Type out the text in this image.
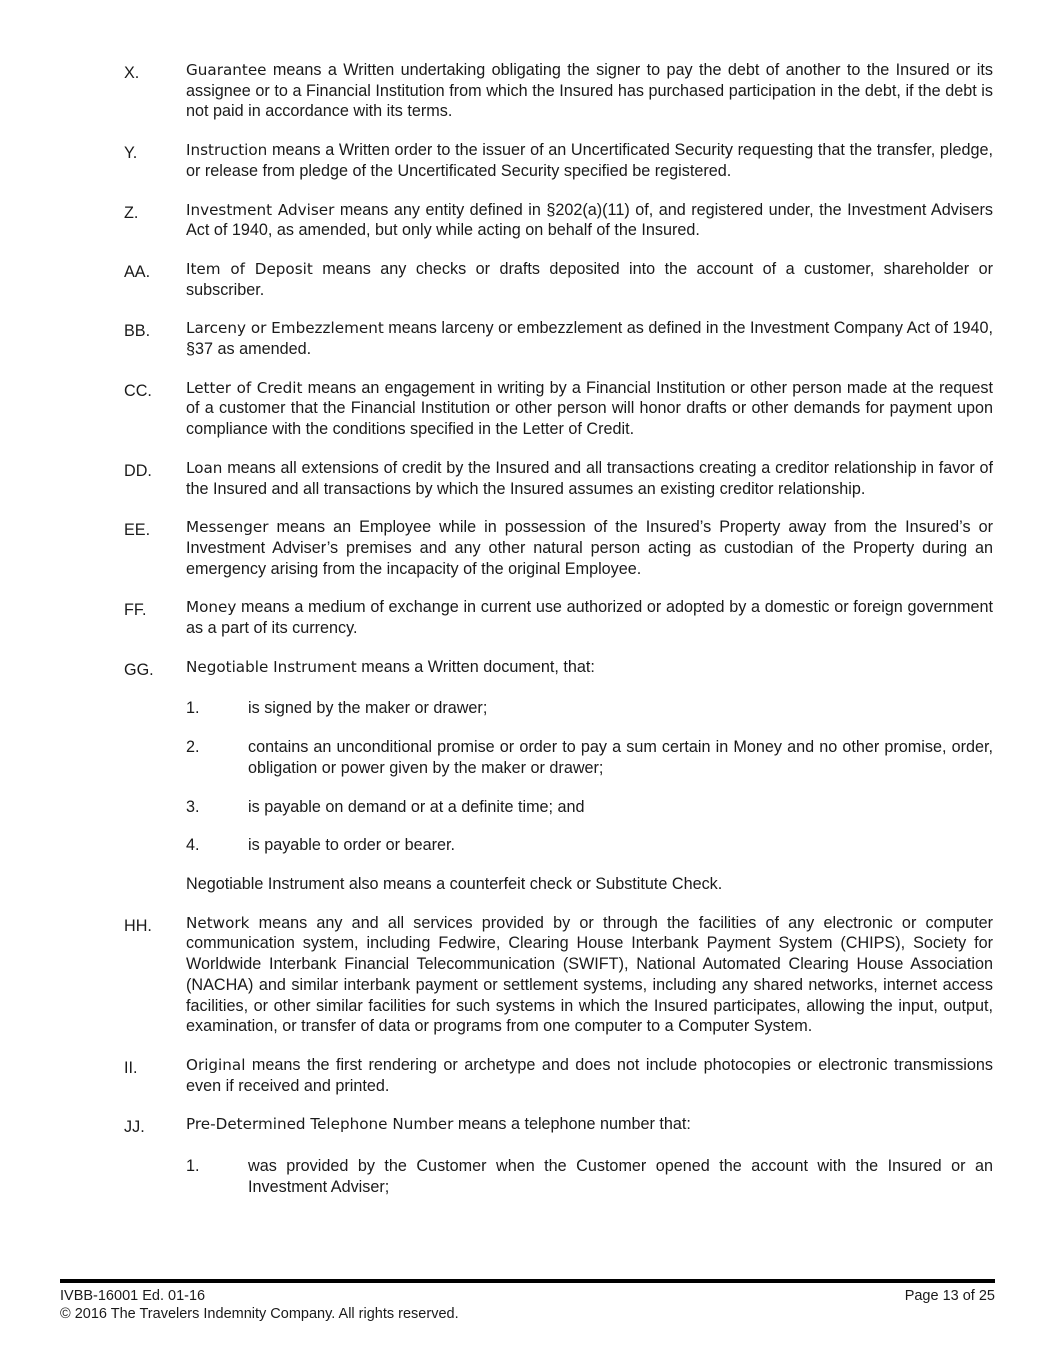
X.	Guarantee means a Written undertaking obligating the signer to pay the debt of another to the Insured or its assignee or to a Financial Institution from which the Insured has purchased participation in the debt, if the debt is not paid in accordance with its terms.
Y.	Instruction means a Written order to the issuer of an Uncertificated Security requesting that the transfer, pledge, or release from pledge of the Uncertificated Security specified be registered.
Z.	Investment Adviser means any entity defined in §202(a)(11) of, and registered under, the Investment Advisers Act of 1940, as amended, but only while acting on behalf of the Insured.
AA.	Item of Deposit means any checks or drafts deposited into the account of a customer, shareholder or subscriber.
BB.	Larceny or Embezzlement means larceny or embezzlement as defined in the Investment Company Act of 1940, §37 as amended.
CC.	Letter of Credit means an engagement in writing by a Financial Institution or other person made at the request of a customer that the Financial Institution or other person will honor drafts or other demands for payment upon compliance with the conditions specified in the Letter of Credit.
DD.	Loan means all extensions of credit by the Insured and all transactions creating a creditor relationship in favor of the Insured and all transactions by which the Insured assumes an existing creditor relationship.
EE.	Messenger means an Employee while in possession of the Insured’s Property away from the Insured’s or Investment Adviser’s premises and any other natural person acting as custodian of the Property during an emergency arising from the incapacity of the original Employee.
FF.	Money means a medium of exchange in current use authorized or adopted by a domestic or foreign government as a part of its currency.
GG.	Negotiable Instrument means a Written document, that:
1.	is signed by the maker or drawer;
2.	contains an unconditional promise or order to pay a sum certain in Money and no other promise, order, obligation or power given by the maker or drawer;
3.	is payable on demand or at a definite time; and
4.	is payable to order or bearer.
Negotiable Instrument also means a counterfeit check or Substitute Check.
HH.	Network means any and all services provided by or through the facilities of any electronic or computer communication system, including Fedwire, Clearing House Interbank Payment System (CHIPS), Society for Worldwide Interbank Financial Telecommunication (SWIFT), National Automated Clearing House Association (NACHA) and similar interbank payment or settlement systems, including any shared networks, internet access facilities, or other similar facilities for such systems in which the Insured participates, allowing the input, output, examination, or transfer of data or programs from one computer to a Computer System.
II.	Original means the first rendering or archetype and does not include photocopies or electronic transmissions even if received and printed.
JJ.	Pre-Determined Telephone Number means a telephone number that:
1.	was provided by the Customer when the Customer opened the account with the Insured or an Investment Adviser;
IVBB-16001 Ed. 01-16	Page 13 of 25
© 2016 The Travelers Indemnity Company. All rights reserved.
